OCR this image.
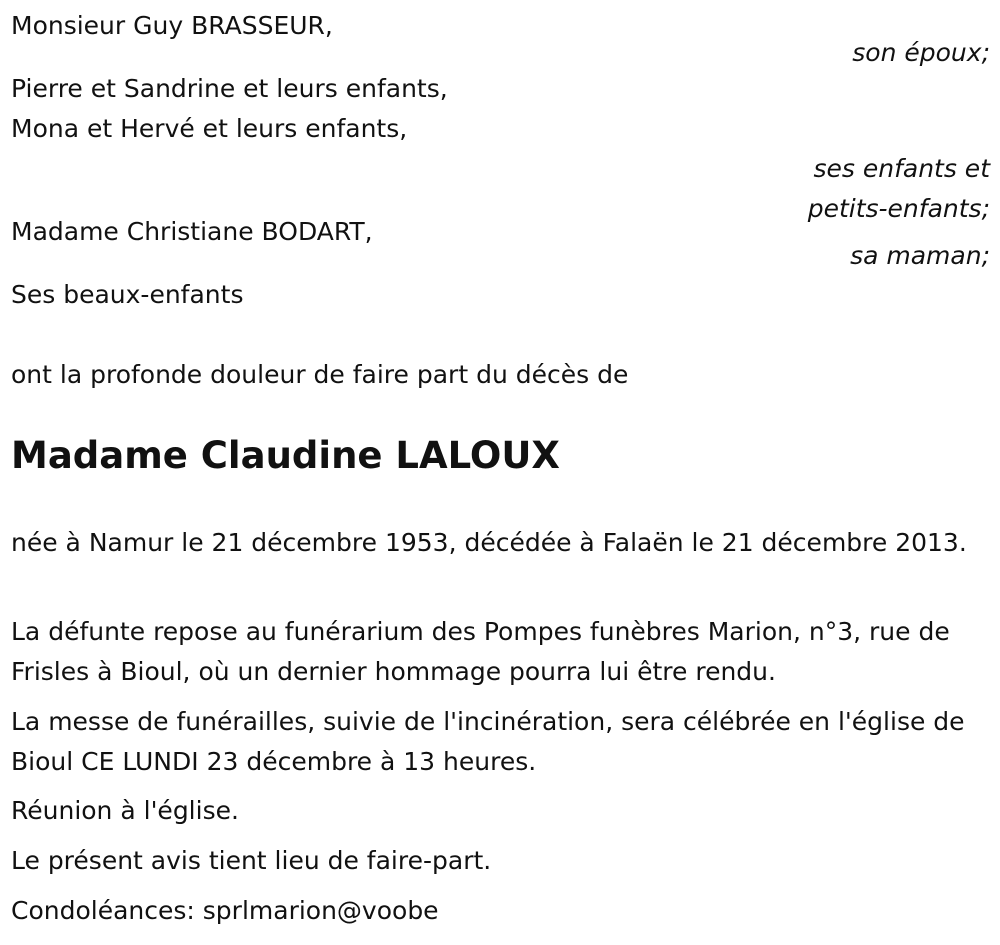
Monsieur Guy BRASSEUR,
son époux;
Pierre et Sandrine et leurs enfants,
Mona et Hervé et leurs enfants,
ses enfants et
petits-enfants;
Madame Christiane BODART,
sa maman;
Ses beaux-enfants
ont la profonde douleur de faire part du décès de
Madame Claudine LALOUX
née à Namur le 21 décembre 1953, décédée à Falaën le 21 décembre 2013.
La défunte repose au funérarium des Pompes funèbres Marion, n°3, rue de Frisles à Bioul, où un dernier hommage pourra lui être rendu.
La messe de funérailles, suivie de l'incinération, sera célébrée en l'église de Bioul CE LUNDI 23 décembre à 13 heures.
Réunion à l'église.
Le présent avis tient lieu de faire-part.
Condoléances: sprlmarion@voobe
